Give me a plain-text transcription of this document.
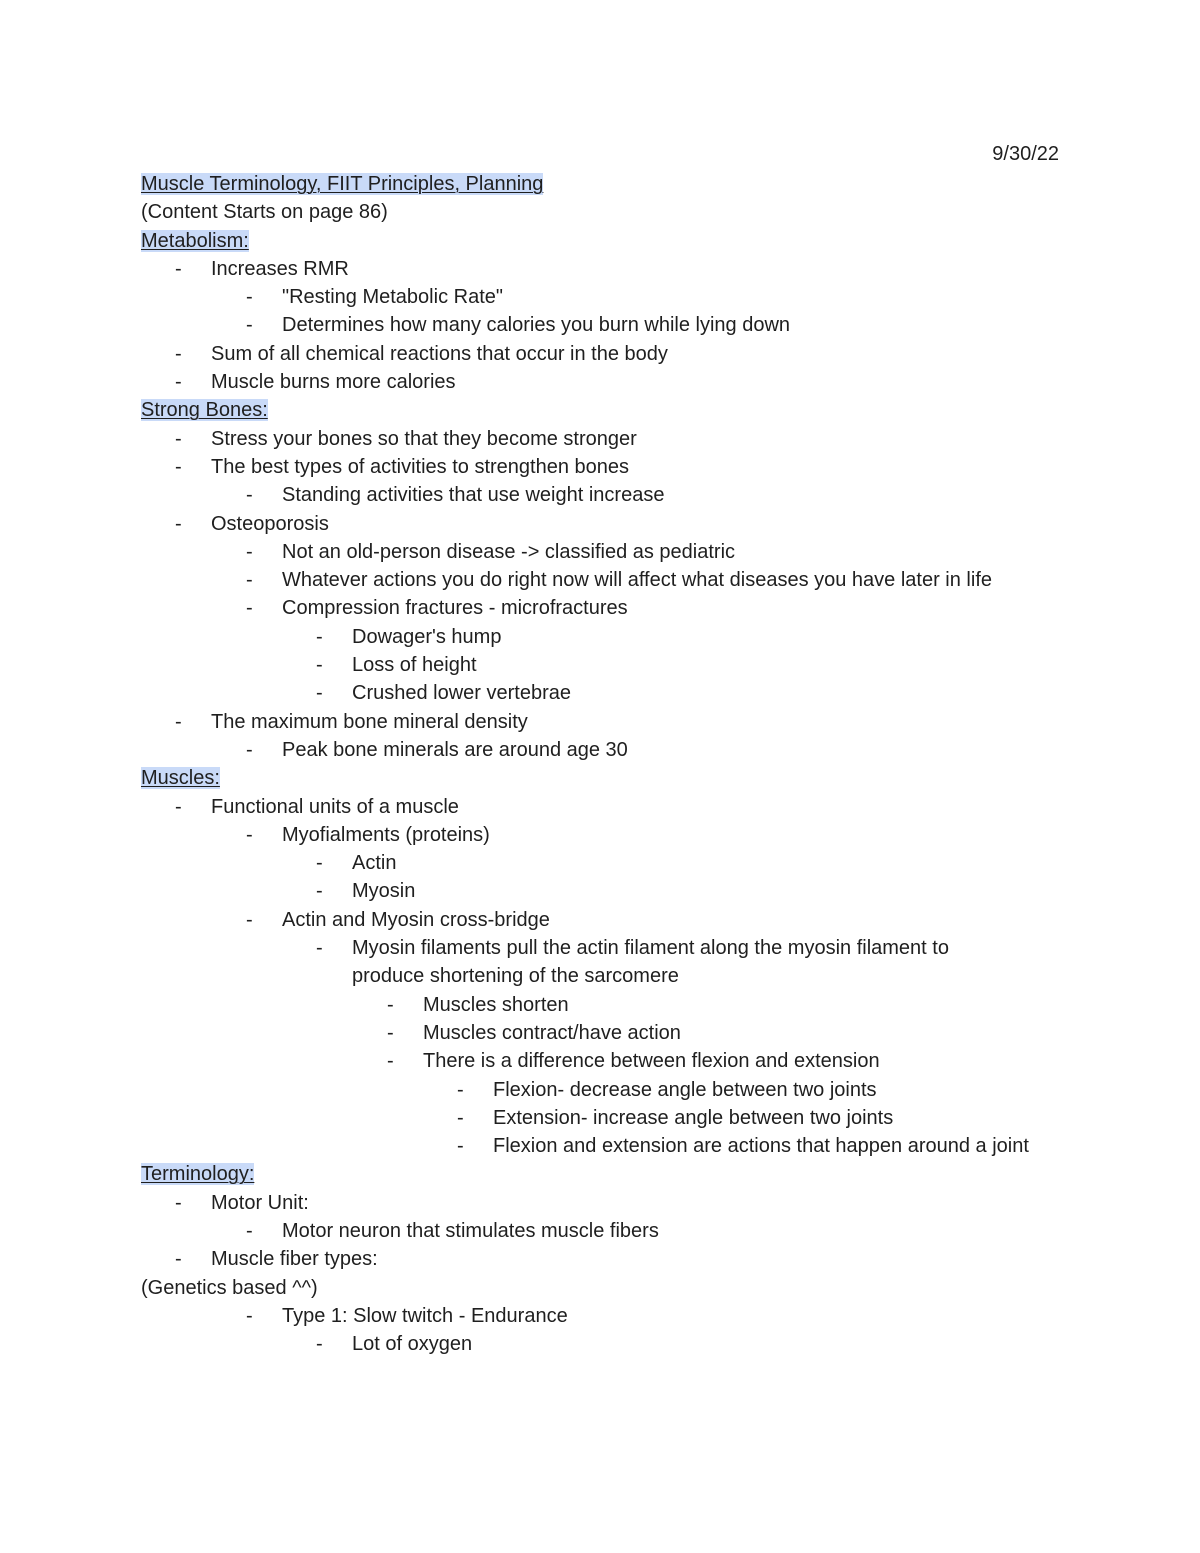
9/30/22
Muscle Terminology, FIIT Principles, Planning
(Content Starts on page 86)
Metabolism:
-	Increases RMR
-	"Resting Metabolic Rate"
-	Determines how many calories you burn while lying down
-	Sum of all chemical reactions that occur in the body
-	Muscle burns more calories
Strong Bones:
-	Stress your bones so that they become stronger
-	The best types of activities to strengthen bones
-	Standing activities that use weight increase
-	Osteoporosis
-	Not an old-person disease -> classified as pediatric
-	Whatever actions you do right now will affect what diseases you have later in life
-	Compression fractures - microfractures
-	Dowager's hump
-	Loss of height
-	Crushed lower vertebrae
-	The maximum bone mineral density
-	Peak bone minerals are around age 30
Muscles:
-	Functional units of a muscle
-	Myofialments (proteins)
-	Actin
-	Myosin
-	Actin and Myosin cross-bridge
-	Myosin filaments pull the actin filament along the myosin filament to produce shortening of the sarcomere
-	Muscles shorten
-	Muscles contract/have action
-	There is a difference between flexion and extension
-	Flexion- decrease angle between two joints
-	Extension- increase angle between two joints
-	Flexion and extension are actions that happen around a joint
Terminology:
-	Motor Unit:
-	Motor neuron that stimulates muscle fibers
-	Muscle fiber types:
(Genetics based ^^)
-	Type 1: Slow twitch - Endurance
-	Lot of oxygen
